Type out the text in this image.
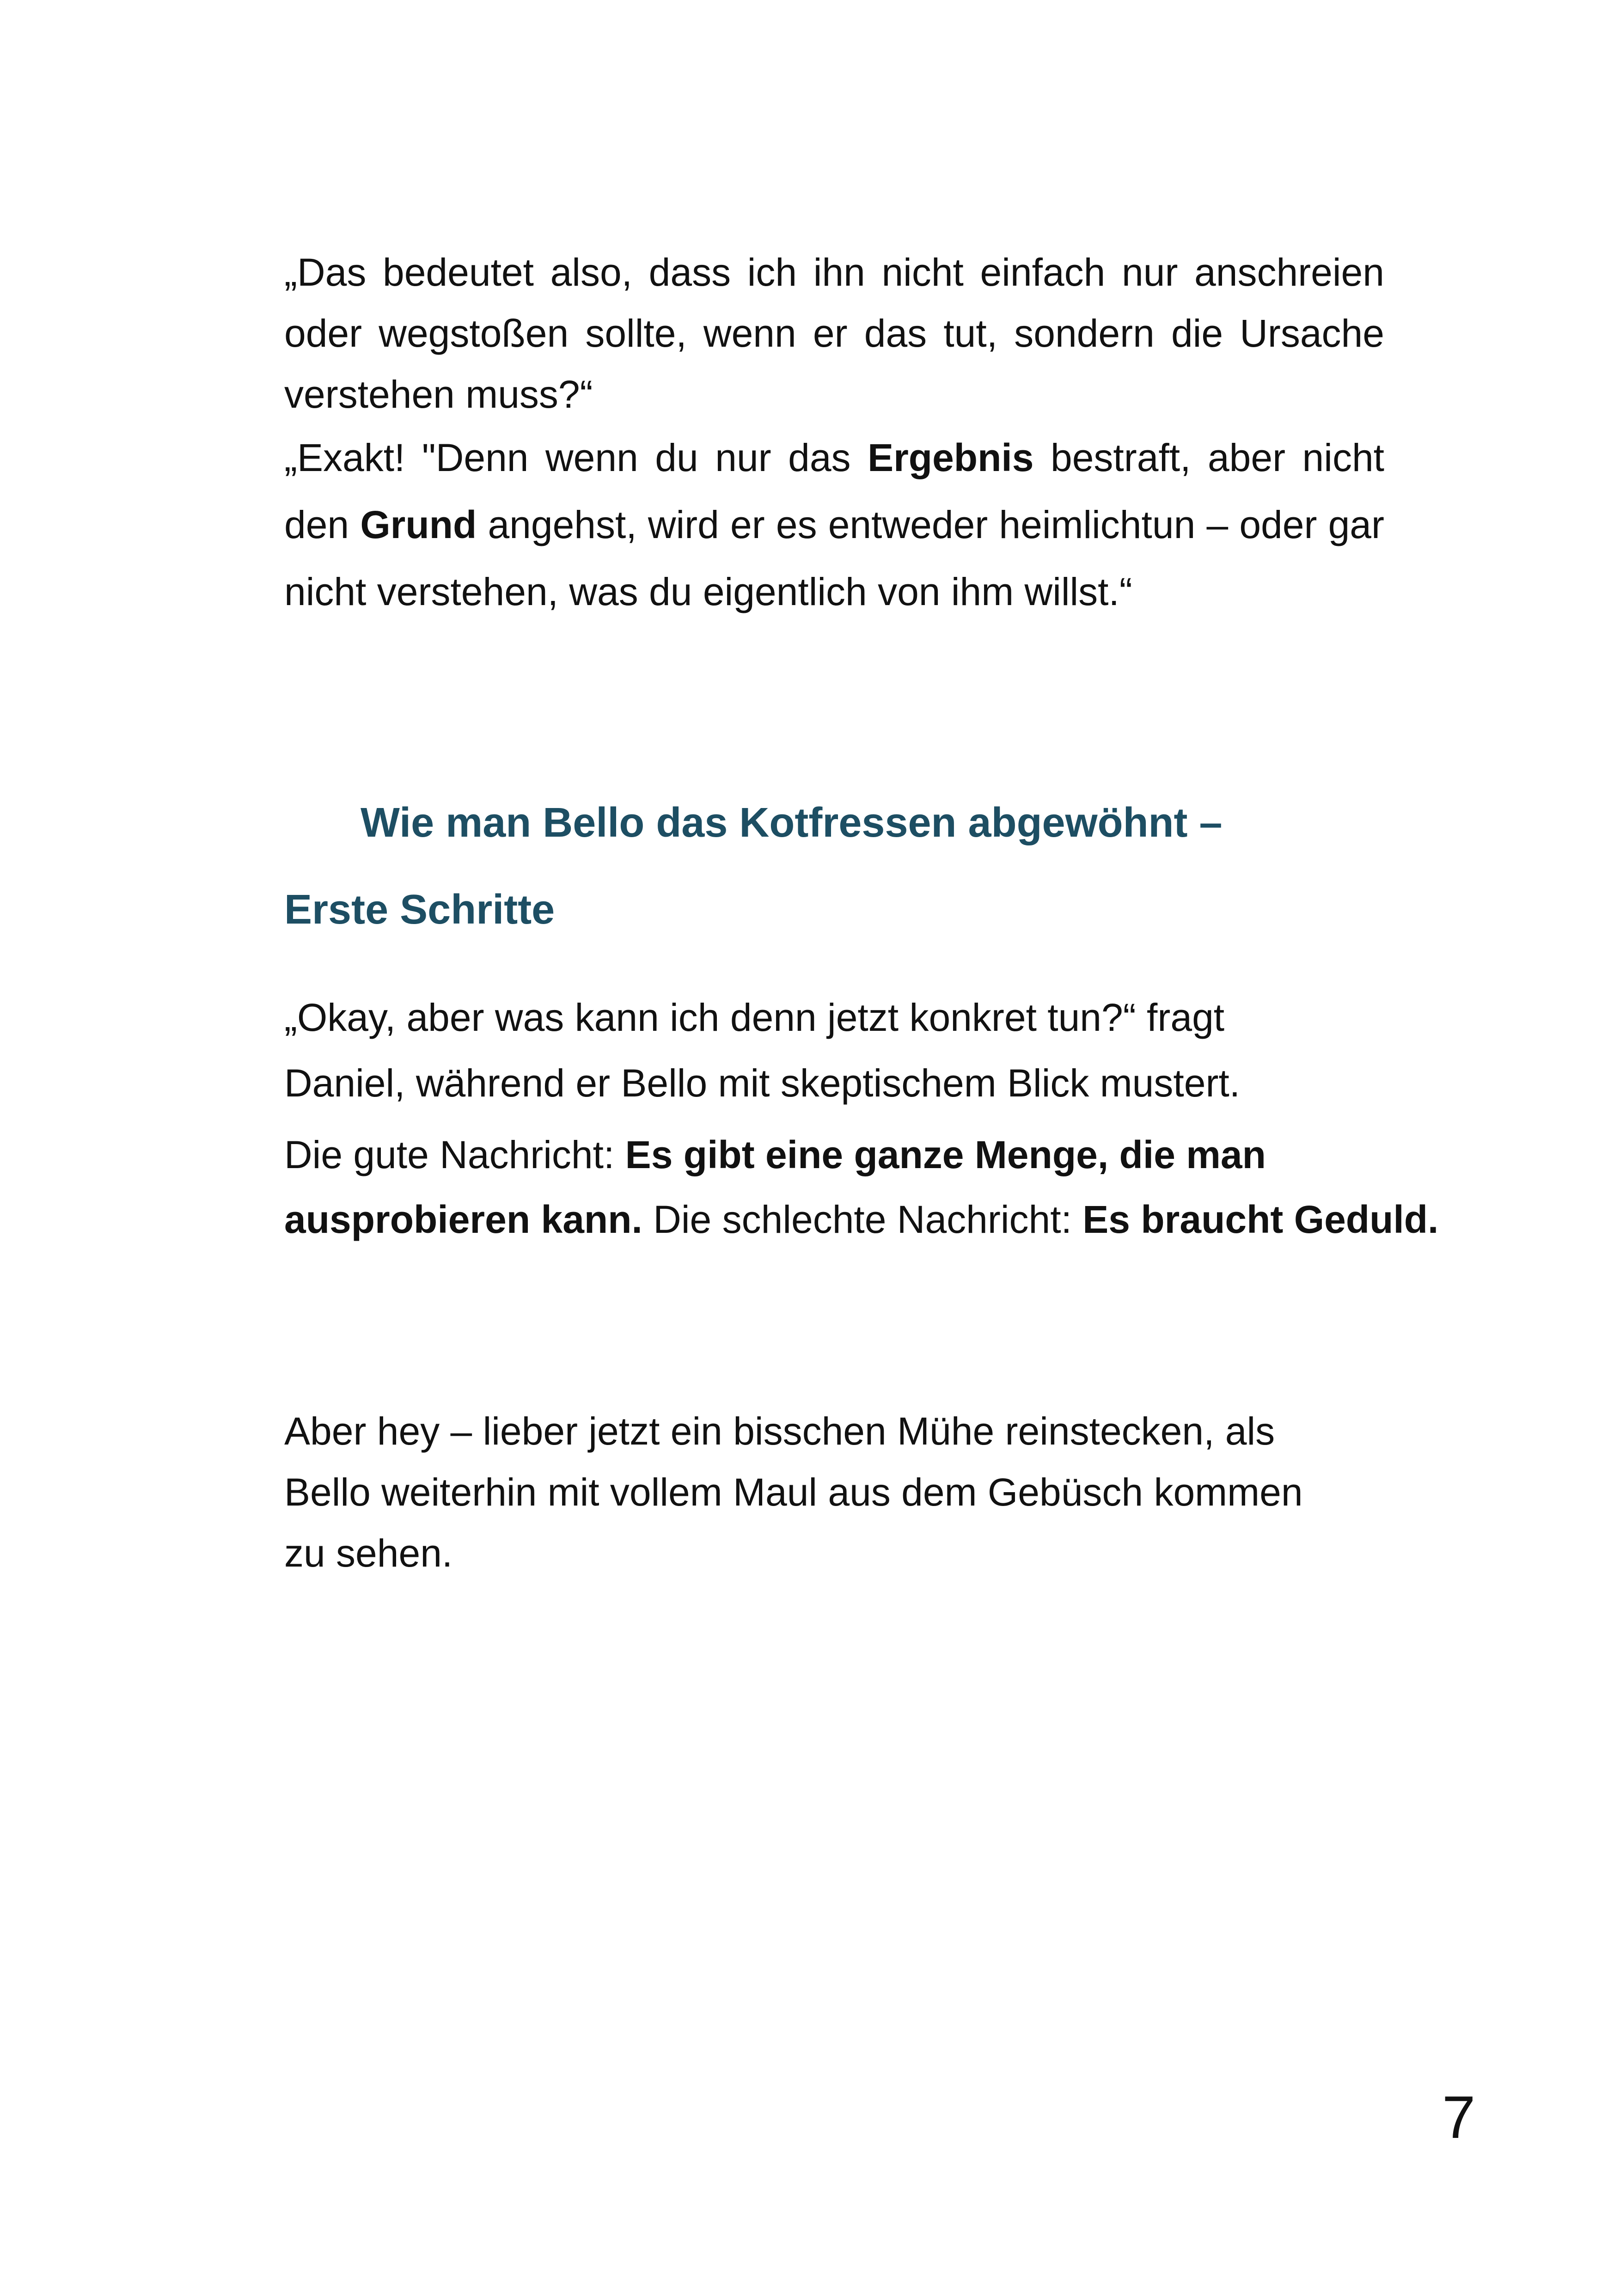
„Das bedeutet also, dass ich ihn nicht einfach nur anschreien
oder wegstoßen sollte, wenn er das tut, sondern die Ursache
verstehen muss?“
„Exakt! "Denn wenn du nur das Ergebnis bestraft, aber nicht
den Grund angehst, wird er es entweder heimlichtun – oder gar
nicht verstehen, was du eigentlich von ihm willst.“
Wie man Bello das Kotfressen abgewöhnt –
Erste Schritte
„Okay, aber was kann ich denn jetzt konkret tun?“ fragt
Daniel, während er Bello mit skeptischem Blick mustert.
Die gute Nachricht: Es gibt eine ganze Menge, die man
ausprobieren kann. Die schlechte Nachricht: Es braucht Geduld.
Aber hey – lieber jetzt ein bisschen Mühe reinstecken, als
Bello weiterhin mit vollem Maul aus dem Gebüsch kommen
zu sehen.
7
